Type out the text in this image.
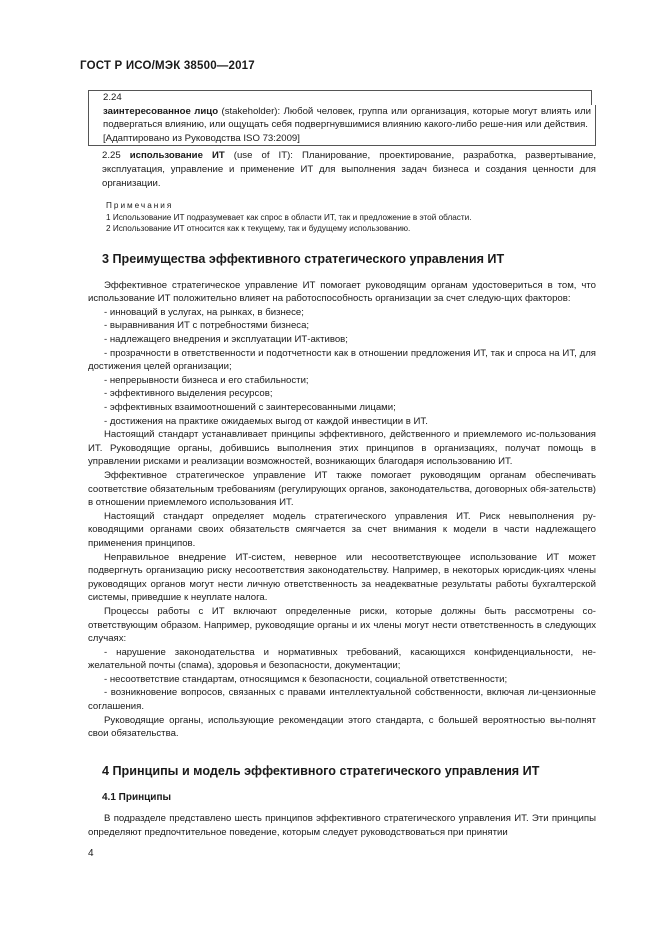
ГОСТ Р ИСО/МЭК 38500—2017
2.24

заинтересованное лицо (stakeholder): Любой человек, группа или организация, которые могут влиять или подвергаться влиянию, или ощущать себя подвергнувшимися влиянию какого-либо реше-ния или действия.

[Адаптировано из Руководства ISO 73:2009]

2.25 использование ИТ (use of IT): Планирование, проектирование, разработка, развертывание, эксплуатация, управление и применение ИТ для выполнения задач бизнеса и создания ценности для организации.

Примечания
1 Использование ИТ подразумевает как спрос в области ИТ, так и предложение в этой области.
2 Использование ИТ относится как к текущему, так и будущему использованию.
3 Преимущества эффективного стратегического управления ИТ

Эффективное стратегическое управление ИТ помогает руководящим органам удостовериться в том, что использование ИТ положительно влияет на работоспособность организации за счет следую-щих факторов:

- инноваций в услугах, на рынках, в бизнесе;

- выравнивания ИТ с потребностями бизнеса;

- надлежащего внедрения и эксплуатации ИТ-активов;

- прозрачности в ответственности и подотчетности как в отношении предложения ИТ, так и спроса на ИТ, для достижения целей организации;

- непрерывности бизнеса и его стабильности;

- эффективного выделения ресурсов;

- эффективных взаимоотношений с заинтересованными лицами;

- достижения на практике ожидаемых выгод от каждой инвестиции в ИТ.

Настоящий стандарт устанавливает принципы эффективного, действенного и приемлемого ис-пользования ИТ. Руководящие органы, добившись выполнения этих принципов в организациях, получат помощь в управлении рисками и реализации возможностей, возникающих благодаря использованию ИТ.

Эффективное стратегическое управление ИТ также помогает руководящим органам обеспечивать соответствие обязательным требованиям (регулирующих органов, законодательства, договорных обя-зательств) в отношении приемлемого использования ИТ.

Настоящий стандарт определяет модель стратегического управления ИТ. Риск невыполнения ру-ководящими органами своих обязательств смягчается за счет внимания к модели в части надлежащего применения принципов.

Неправильное внедрение ИТ-систем, неверное или несоответствующее использование ИТ может подвергнуть организацию риску несоответствия законодательству. Например, в некоторых юрисдик-циях члены руководящих органов могут нести личную ответственность за неадекватные результаты работы бухгалтерской системы, приведшие к неуплате налога.

Процессы работы с ИТ включают определенные риски, которые должны быть рассмотрены со-ответствующим образом. Например, руководящие органы и их члены могут нести ответственность в следующих случаях:

- нарушение законодательства и нормативных требований, касающихся конфиденциальности, не-желательной почты (спама), здоровья и безопасности, документации;

- несоответствие стандартам, относящимся к безопасности, социальной ответственности;

- возникновение вопросов, связанных с правами интеллектуальной собственности, включая ли-цензионные соглашения.

Руководящие органы, использующие рекомендации этого стандарта, с большей вероятностью вы-полнят свои обязательства.

4 Принципы и модель эффективного стратегического управления ИТ
4.1 Принципы

В подразделе представлено шесть принципов эффективного стратегического управления ИТ. Эти принципы определяют предпочтительное поведение, которым следует руководствоваться при принятии

4
